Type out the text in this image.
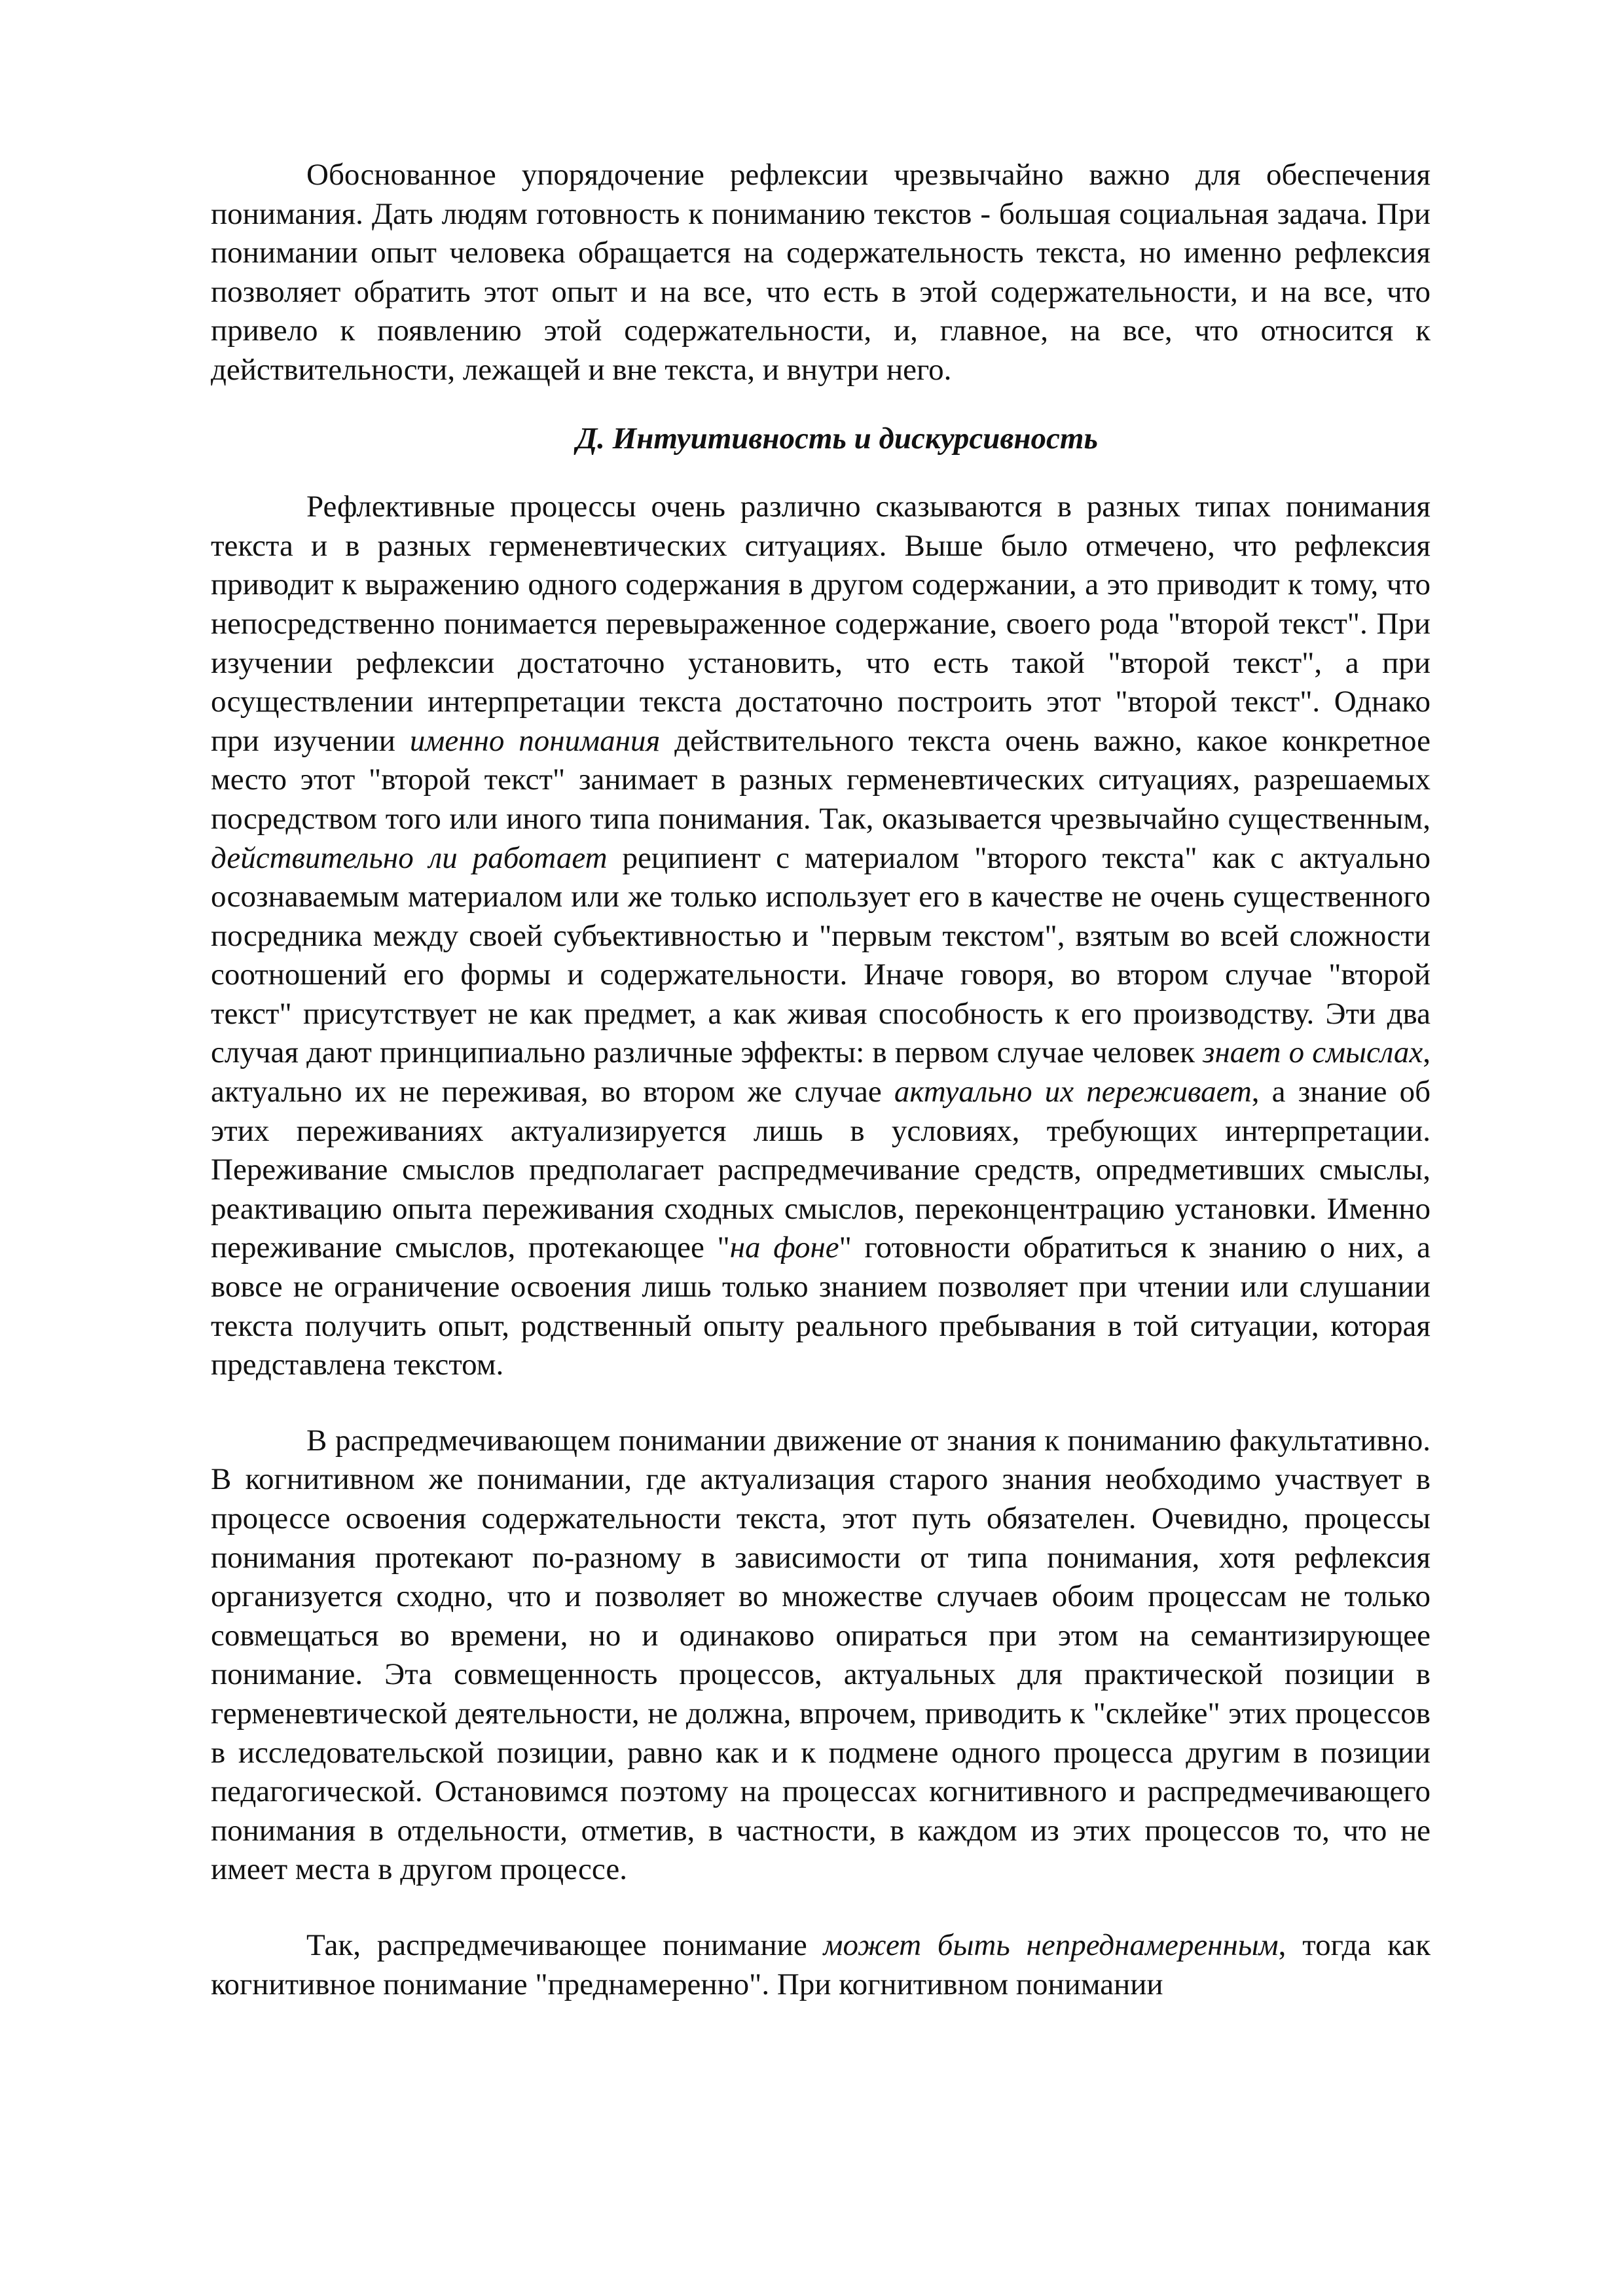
Обоснованное упорядочение рефлексии чрезвычайно важно для обеспечения понимания. Дать людям готовность к пониманию текстов - большая социальная задача. При понимании опыт человека обращается на содержательность текста, но именно рефлексия позволяет обратить этот опыт и на все, что есть в этой содержательности, и на все, что привело к появлению этой содержательности, и, главное, на все, что относится к действительности, лежащей и вне текста, и внутри него.

Д. Интуитивность и дискурсивность

Рефлективные процессы очень различно сказываются в разных типах понимания текста и в разных герменевтических ситуациях. Выше было отмечено, что рефлексия приводит к выражению одного содержания в другом содержании, а это приводит к тому, что непосредственно понимается перевыраженное содержание, своего рода "второй текст". При изучении рефлексии достаточно установить, что есть такой "второй текст", а при осуществлении интерпретации текста достаточно построить этот "второй текст". Однако при изучении именно понимания действительного текста очень важно, какое конкретное место этот "второй текст" занимает в разных герменевтических ситуациях, разрешаемых посредством того или иного типа понимания. Так, оказывается чрезвычайно существенным, действительно ли работает реципиент с материалом "второго текста" как с актуально осознаваемым материалом или же только использует его в качестве не очень существенного посредника между своей субъективностью и "первым текстом", взятым во всей сложности соотношений его формы и содержательности. Иначе говоря, во втором случае "второй текст" присутствует не как предмет, а как живая способность к его производству. Эти два случая дают принципиально различные эффекты: в первом случае человек знает о смыслах, актуально их не переживая, во втором же случае актуально их переживает, а знание об этих переживаниях актуализируется лишь в условиях, требующих интерпретации. Переживание смыслов предполагает распредмечивание средств, опредметивших смыслы, реактивацию опыта переживания сходных смыслов, переконцентрацию установки. Именно переживание смыслов, протекающее "на фоне" готовности обратиться к знанию о них, а вовсе не ограничение освоения лишь только знанием позволяет при чтении или слушании текста получить опыт, родственный опыту реального пребывания в той ситуации, которая представлена текстом.

В распредмечивающем понимании движение от знания к пониманию факультативно. В когнитивном же понимании, где актуализация старого знания необходимо участвует в процессе освоения содержательности текста, этот путь обязателен. Очевидно, процессы понимания протекают по-разному в зависимости от типа понимания, хотя рефлексия организуется сходно, что и позволяет во множестве случаев обоим процессам не только совмещаться во времени, но и одинаково опираться при этом на семантизирующее понимание. Эта совмещенность процессов, актуальных для практической позиции в герменевтической деятельности, не должна, впрочем, приводить к "склейке" этих процессов в исследовательской позиции, равно как и к подмене одного процесса другим в позиции педагогической. Остановимся поэтому на процессах когнитивного и распредмечивающего понимания в отдельности, отметив, в частности, в каждом из этих процессов то, что не имеет места в другом процессе.

Так, распредмечивающее понимание может быть непреднамеренным, тогда как когнитивное понимание "преднамеренно". При когнитивном понимании
